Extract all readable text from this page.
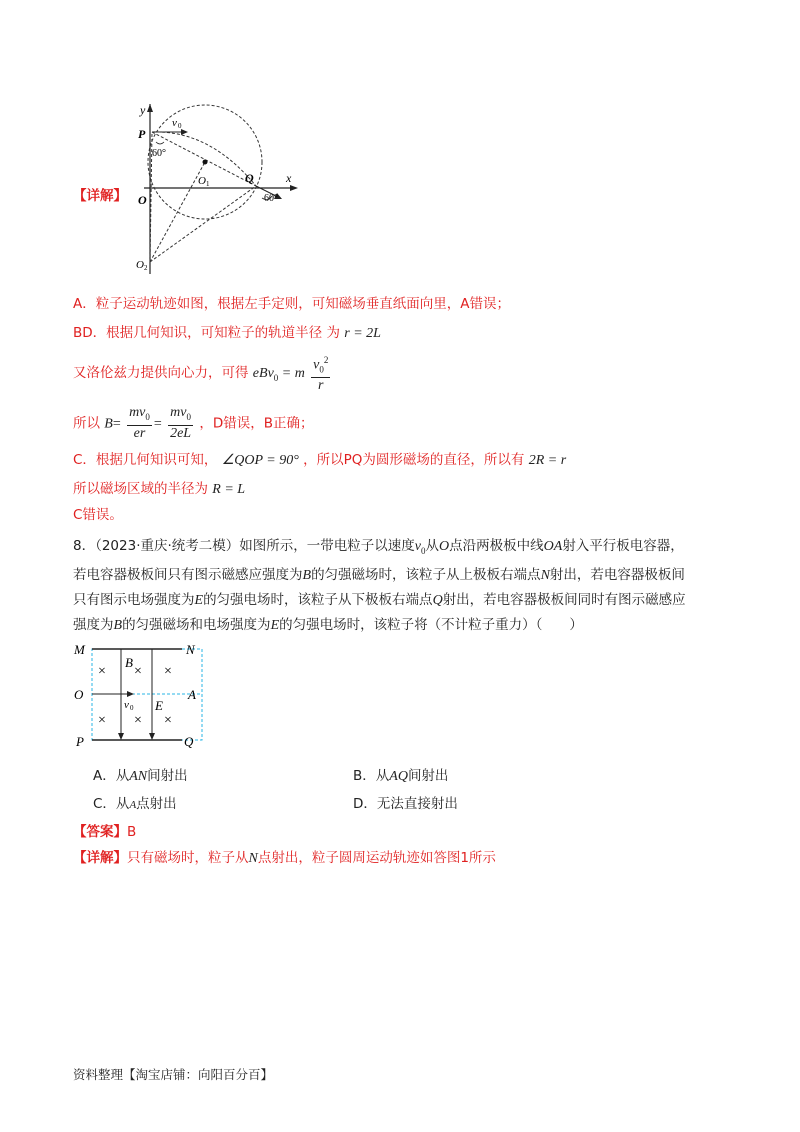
y
x
O
P
Q
O 1
O 2
v 0
60°
60°
【详解】
A．粒子运动轨迹如图，根据左手定则，可知磁场垂直纸面向里，A错误；
BD．根据几何知识，可知粒子的轨道半径 为 r = 2L
又洛伦兹力提供向心力，可得 eBv$_0$ = m $\frac{v_0^2}{r}$
所以 $B= \frac{mv_0}{er} = \frac{mv_0}{2eL}$ ，D错误，B正确；
C．根据几何知识可知， ∠QOP = 90° ，所以PQ为圆形磁场的直径，所以有 2R = r
所以磁场区域的半径为 R = L
C错误。
8．（2023·重庆·统考二模）如图所示，一带电粒子以速度$v_0$从O点沿两极板中线OA射入平行板电容器，
若电容器极板间只有图示磁感应强度为B的匀强磁场时，该粒子从上极板右端点N射出，若电容器极板间
只有图示电场强度为E的匀强电场时，该粒子从下极板右端点Q射出，若电容器极板间同时有图示磁感应
强度为B的匀强磁场和电场强度为E的匀强电场时，该粒子将（不计粒子重力）（　　）
M	N
O	A
P	Q
B
E
v 0
× × ×
× × ×
A．从AN间射出	B．从AQ间射出
C．从A点射出	D．无法直接射出
【答案】B
【详解】只有磁场时，粒子从N点射出，粒子圆周运动轨迹如答图1所示
资料整理【淘宝店铺：向阳百分百】
